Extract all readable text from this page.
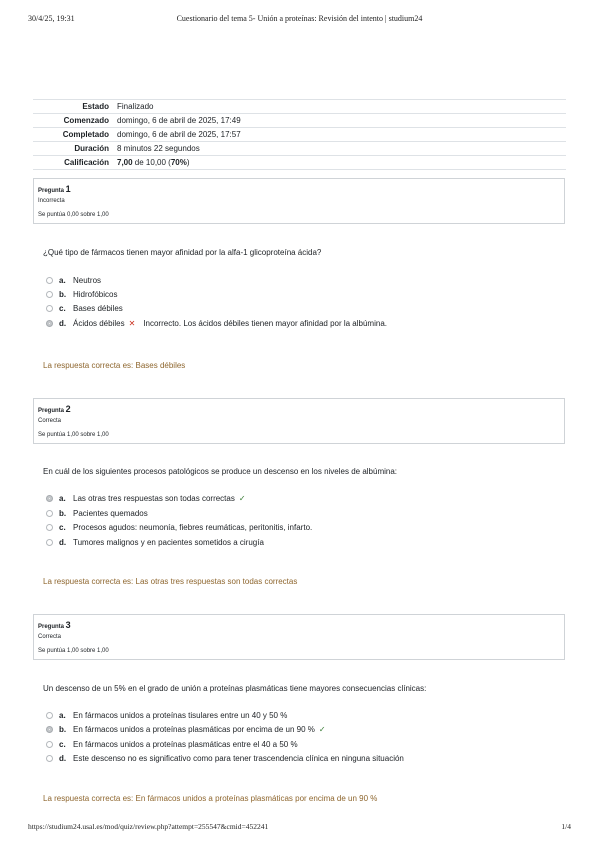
30/4/25, 19:31	Cuestionario del tema 5- Unión a proteínas: Revisión del intento | studium24
Estado	Finalizado
Comenzado	domingo, 6 de abril de 2025, 17:49
Completado	domingo, 6 de abril de 2025, 17:57
Duración	8 minutos 22 segundos
Calificación	7,00 de 10,00 (70%)
Pregunta 1
Incorrecta
Se puntúa 0,00 sobre 1,00
¿Qué tipo de fármacos tienen mayor afinidad por la alfa-1 glicoproteína ácida?
a. Neutros
b. Hidrofóbicos
c. Bases débiles
d. Ácidos débiles ✕ Incorrecto. Los ácidos débiles tienen mayor afinidad por la albúmina.
La respuesta correcta es: Bases débiles
Pregunta 2
Correcta
Se puntúa 1,00 sobre 1,00
En cuál de los siguientes procesos patológicos se produce un descenso en los niveles de albúmina:
a. Las otras tres respuestas son todas correctas ✓
b. Pacientes quemados
c. Procesos agudos: neumonía, fiebres reumáticas, peritonitis, infarto.
d. Tumores malignos y en pacientes sometidos a cirugía
La respuesta correcta es: Las otras tres respuestas son todas correctas
Pregunta 3
Correcta
Se puntúa 1,00 sobre 1,00
Un descenso de un 5% en el grado de unión a proteínas plasmáticas tiene mayores consecuencias clínicas:
a. En fármacos unidos a proteínas tisulares entre un 40 y 50 %
b. En fármacos unidos a proteínas plasmáticas por encima de un 90 % ✓
c. En fármacos unidos a proteínas plasmáticas entre el 40 a 50 %
d. Este descenso no es significativo como para tener trascendencia clínica en ninguna situación
La respuesta correcta es: En fármacos unidos a proteínas plasmáticas por encima de un 90 %
https://studium24.usal.es/mod/quiz/review.php?attempt=255547&cmid=452241	1/4
